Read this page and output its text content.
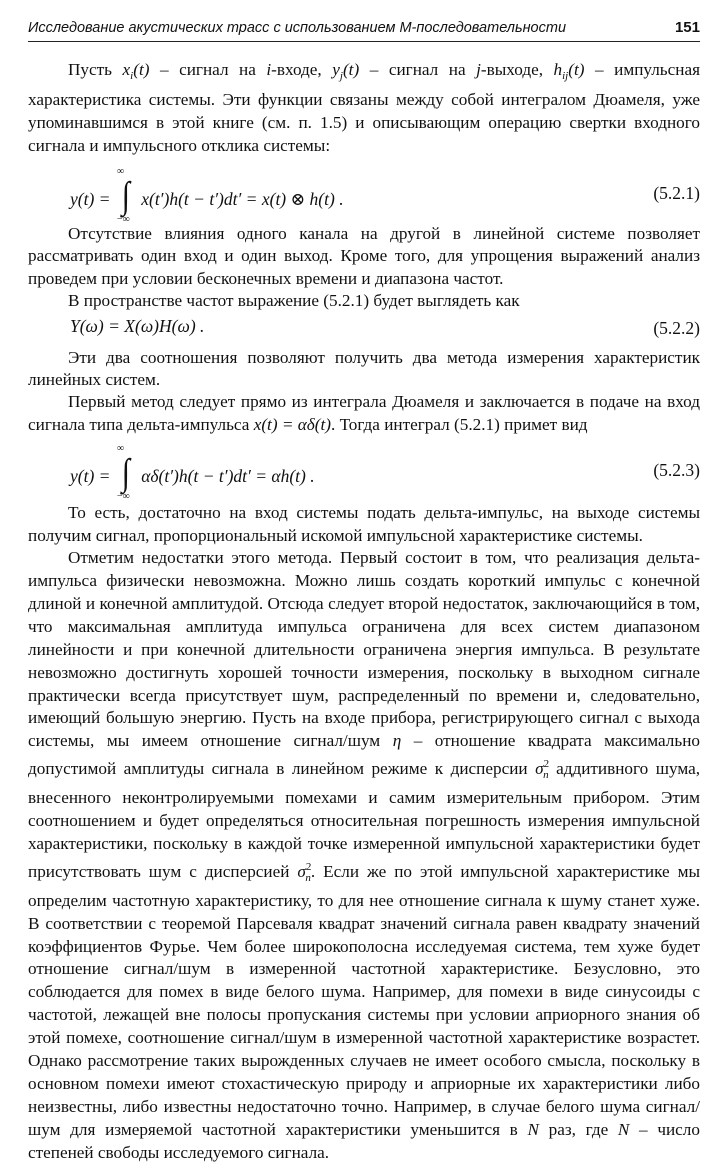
Исследование акустических трасс с использованием М-последовательности	151

Пусть $x_i(t)$ – сигнал на i-входе, $y_j(t)$ – сигнал на j-выходе, $h_{ij}(t)$ – импульсная характеристика системы. Эти функции связаны между собой интегралом Дюамеля, уже упоминавшимся в этой книге (см. п. 1.5) и описывающим операцию свертки входного сигнала и импульсного отклика системы:

y(t) =
∞
∫
−∞
x(t′)h(t − t′)dt′ = x(t) ⊗ h(t) .	(5.2.1)

Отсутствие влияния одного канала на другой в линейной системе позволяет рассматривать один вход и один выход. Кроме того, для упрощения выражений анализ проведем при условии бесконечных времени и диапазона частот.

В пространстве частот выражение (5.2.1) будет выглядеть как

Y(ω) = X(ω)H(ω) .	(5.2.2)

Эти два соотношения позволяют получить два метода измерения характеристик линейных систем.

Первый метод следует прямо из интеграла Дюамеля и заключается в подаче на вход сигнала типа дельта-импульса x(t) = αδ(t). Тогда интеграл (5.2.1) примет вид

y(t) =
∞
∫
−∞
αδ(t′)h(t − t′)dt′ = αh(t) .	(5.2.3)

То есть, достаточно на вход системы подать дельта-импульс, на выходе системы получим сигнал, пропорциональный искомой импульсной характеристике системы.

Отметим недостатки этого метода. Первый состоит в том, что реализация дельта-импульса физически невозможна. Можно лишь создать короткий импульс с конечной длиной и конечной амплитудой. Отсюда следует второй недостаток, заключающийся в том, что максимальная амплитуда импульса ограничена для всех систем диапазоном линейности и при конечной длительности ограничена энергия импульса. В результате невозможно достигнуть хорошей точности измерения, поскольку в выходном сигнале практически всегда присутствует шум, распределенный по времени и, следовательно, имеющий большую энергию. Пусть на входе прибора, регистрирующего сигнал с выхода системы, мы имеем отношение сигнал/шум η – отношение квадрата максимально допустимой амплитуды сигнала в линейном режиме к дисперсии $\sigma^2_n$ аддитивного шума, внесенного неконтролируемыми помехами и самим измерительным прибором. Этим соотношением и будет определяться относительная погрешность измерения импульсной характеристики, поскольку в каждой точке измеренной импульсной характеристики будет присутствовать шум с дисперсией $\sigma^2_n$. Если же по этой импульсной характеристике мы определим частотную характеристику, то для нее отношение сигнала к шуму станет хуже. В соответствии с теоремой Парсеваля квадрат значений сигнала равен квадрату значений коэффициентов Фурье. Чем более широкополосна исследуемая система, тем хуже будет отношение сигнал/шум в измеренной частотной характеристике. Безусловно, это соблюдается для помех в виде белого шума. Например, для помехи в виде синусоиды с частотой, лежащей вне полосы пропускания системы при условии априорного знания об этой помехе, соотношение сигнал/шум в измеренной частотной характеристике возрастет. Однако рассмотрение таких вырожденных случаев не имеет особого смысла, поскольку в основном помехи имеют стохастическую природу и априорные их характеристики либо неизвестны, либо известны недостаточно точно. Например, в случае белого шума сигнал/шум для измеряемой частотной характеристики уменьшится в N раз, где N – число степеней свободы исследуемого сигнала.
